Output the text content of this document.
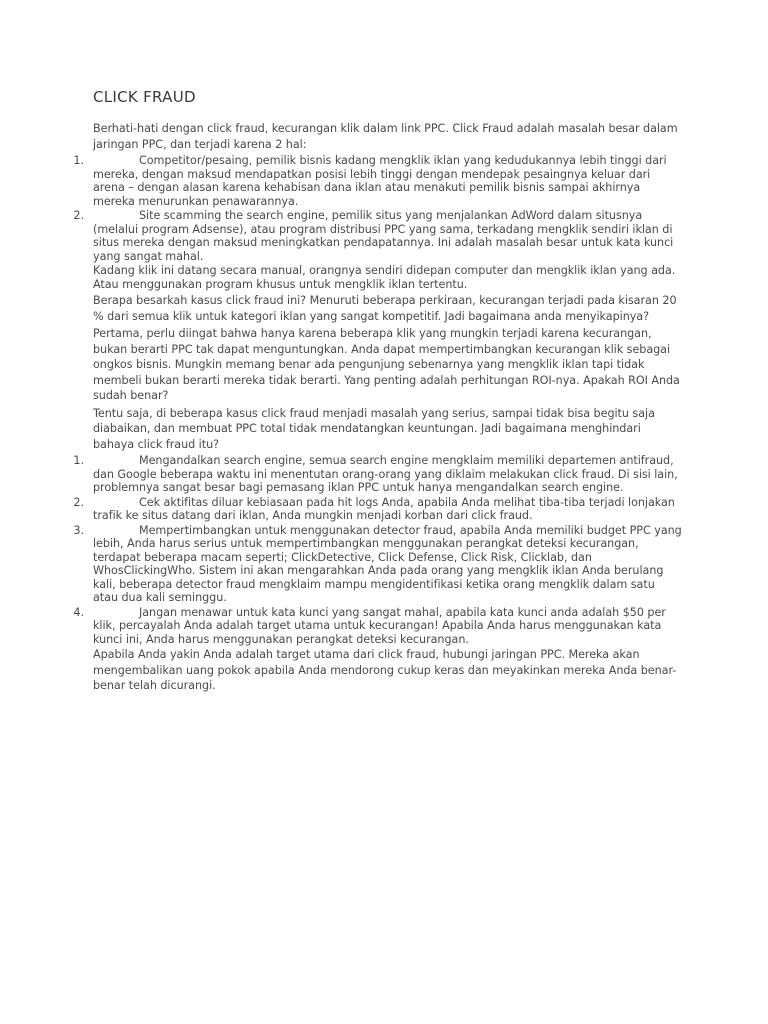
CLICK FRAUD

Berhati-hati dengan click fraud, kecurangan klik dalam link PPC. Click Fraud adalah masalah besar dalam jaringan PPC, dan terjadi karena 2 hal:

1.	Competitor/pesaing, pemilik bisnis kadang mengklik iklan yang kedudukannya lebih tinggi dari mereka, dengan maksud mendapatkan posisi lebih tinggi dengan mendepak pesaingnya keluar dari arena – dengan alasan karena kehabisan dana iklan atau menakuti pemilik bisnis sampai akhirnya mereka menurunkan penawarannya.
2.	Site scamming the search engine, pemilik situs yang menjalankan AdWord dalam situsnya (melalui program Adsense), atau program distribusi PPC yang sama, terkadang mengklik sendiri iklan di situs mereka dengan maksud meningkatkan pendapatannya. Ini adalah masalah besar untuk kata kunci yang sangat mahal.

Kadang klik ini datang secara manual, orangnya sendiri didepan computer dan mengklik iklan yang ada. Atau menggunakan program khusus untuk mengklik iklan tertentu.

Berapa besarkah kasus click fraud ini? Menuruti beberapa perkiraan, kecurangan terjadi pada kisaran 20 % dari semua klik untuk kategori iklan yang sangat kompetitif. Jadi bagaimana anda menyikapinya?

Pertama, perlu diingat bahwa hanya karena beberapa klik yang mungkin terjadi karena kecurangan, bukan berarti PPC tak dapat menguntungkan. Anda dapat mempertimbangkan kecurangan klik sebagai ongkos bisnis. Mungkin memang benar ada pengunjung sebenarnya yang mengklik iklan tapi tidak membeli bukan berarti mereka tidak berarti. Yang penting adalah perhitungan ROI-nya. Apakah ROI Anda sudah benar?

Tentu saja, di beberapa kasus click fraud menjadi masalah yang serius, sampai tidak bisa begitu saja diabaikan, dan membuat PPC total tidak mendatangkan keuntungan. Jadi bagaimana menghindari bahaya click fraud itu?

1.	Mengandalkan search engine, semua search engine mengklaim memiliki departemen antifraud, dan Google beberapa waktu ini menentutan orang-orang yang diklaim melakukan click fraud. Di sisi lain, problemnya sangat besar bagi pemasang iklan PPC untuk hanya mengandalkan search engine.
2.	Cek aktifitas diluar kebiasaan pada hit logs Anda, apabila Anda melihat tiba-tiba terjadi lonjakan trafik ke situs datang dari iklan, Anda mungkin menjadi korban dari click fraud.
3.	Mempertimbangkan untuk menggunakan detector fraud, apabila Anda memiliki budget PPC yang lebih, Anda harus serius untuk mempertimbangkan menggunakan perangkat deteksi kecurangan, terdapat beberapa macam seperti; ClickDetective, Click Defense, Click Risk, Clicklab, dan WhosClickingWho. Sistem ini akan mengarahkan Anda pada orang yang mengklik iklan Anda berulang kali, beberapa detector fraud mengklaim mampu mengidentifikasi ketika orang mengklik dalam satu atau dua kali seminggu.
4.	Jangan menawar untuk kata kunci yang sangat mahal, apabila kata kunci anda adalah $50 per klik, percayalah Anda adalah target utama untuk kecurangan! Apabila Anda harus menggunakan kata kunci ini, Anda harus menggunakan perangkat deteksi kecurangan.

Apabila Anda yakin Anda adalah target utama dari click fraud, hubungi jaringan PPC. Mereka akan mengembalikan uang pokok apabila Anda mendorong cukup keras dan meyakinkan mereka Anda benar-benar telah dicurangi.
